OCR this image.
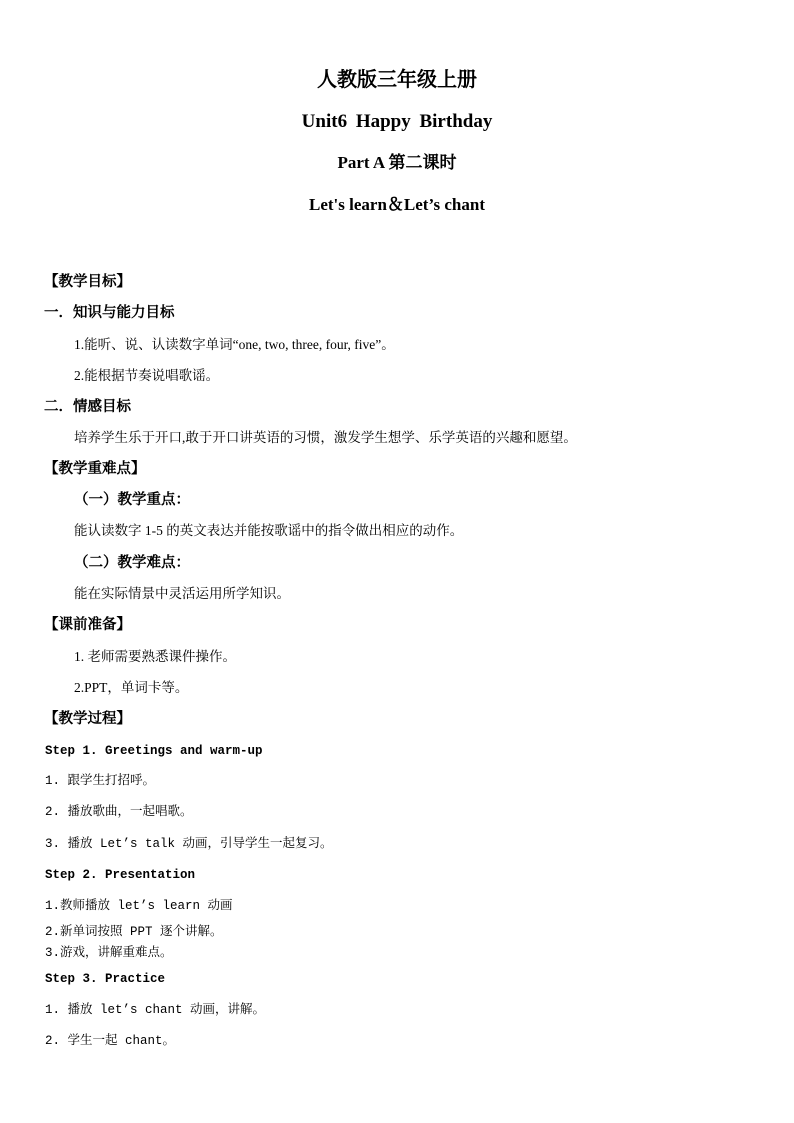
人教版三年级上册
Unit6 Happy Birthday
Part A 第二课时
Let's learn＆Let’s chant
【教学目标】
一．知识与能力目标
1.能听、说、认读数字单词“one, two, three, four, five”。
2.能根据节奏说唱歌谣。
二．情感目标
培养学生乐于开口,敢于开口讲英语的习惯，激发学生想学、乐学英语的兴趣和愿望。
【教学重难点】
（一）教学重点：
能认读数字 1-5 的英文表达并能按歌谣中的指令做出相应的动作。
（二）教学难点：
能在实际情景中灵活运用所学知识。
【课前准备】
1. 老师需要熟悉课件操作。
2.PPT，单词卡等。
【教学过程】
Step 1. Greetings and warm-up
1. 跟学生打招呼。
2. 播放歌曲，一起唱歌。
3. 播放 Let’s talk 动画，引导学生一起复习。
Step 2. Presentation
1.教师播放 let’s learn 动画
2.新单词按照 PPT 逐个讲解。
3.游戏，讲解重难点。
Step 3. Practice
1. 播放 let’s chant 动画，讲解。
2. 学生一起 chant。
